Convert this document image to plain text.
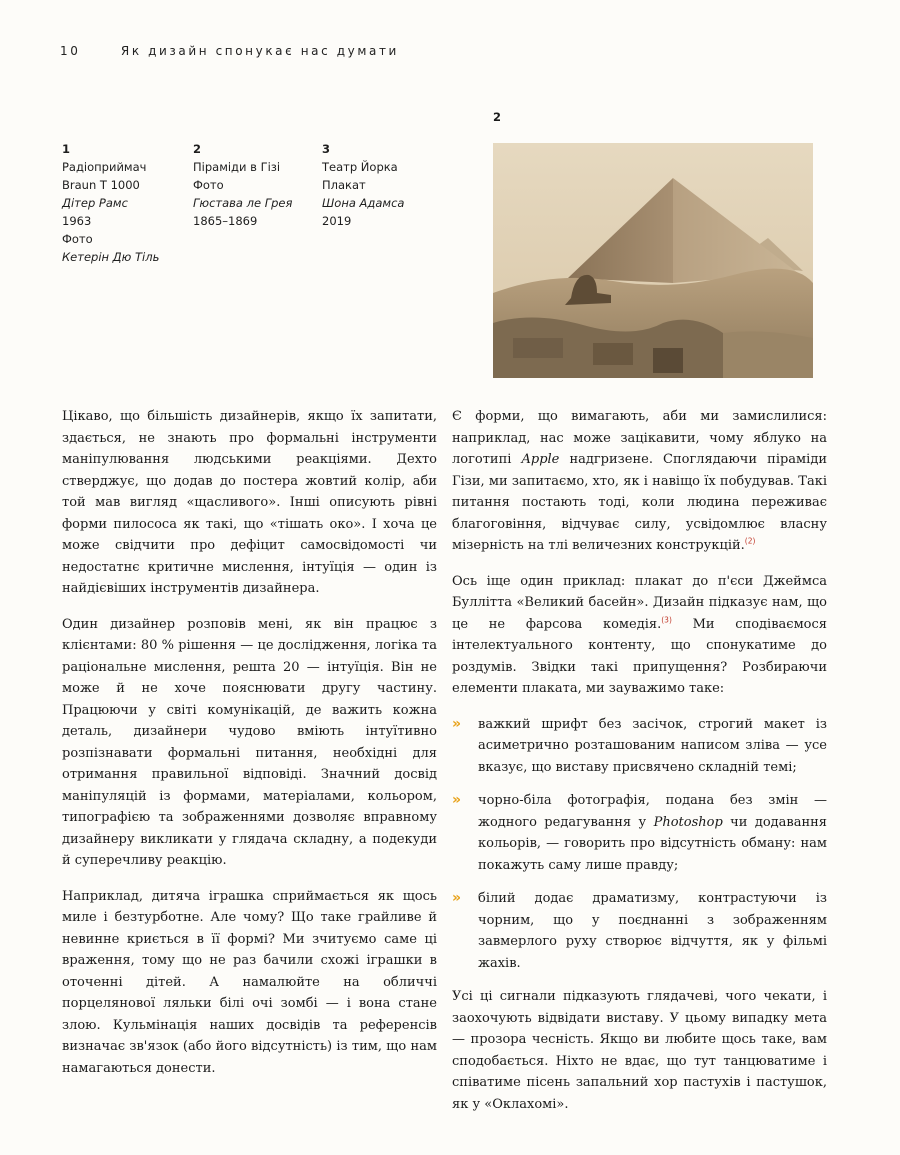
10	Як дизайн спонукає нас думати
1
Радіоприймач
Braun T 1000
Дітер Рамс
1963
Фото
Кетерін Дю Тіль
2
Піраміди в Гізі
Фото
Гюстава ле Грея
1865–1869
3
Театр Йорка
Плакат
Шона Адамса
2019
2

Цікаво, що більшість дизайнерів, якщо їх запитати, здається, не знають про формальні інструменти маніпулювання людськими реакціями. Дехто стверджує, що додав до постера жовтий колір, аби той мав вигляд «щасливого». Інші описують рівні форми пилососа як такі, що «тішать око». І хоча це може свідчити про дефіцит самосвідомості чи недостатнє критичне мислення, інтуїція — один із найдієвіших інструментів дизайнера.

Один дизайнер розповів мені, як він працює з клієнтами: 80 % рішення — це дослідження, логіка та раціональне мислення, решта 20 — інтуїція. Він не може й не хоче пояснювати другу частину. Працюючи у світі комунікацій, де важить кожна деталь, дизайнери чудово вміють інтуїтивно розпізнавати формальні питання, необхідні для отримання правильної відповіді. Значний досвід маніпуляцій із формами, матеріалами, кольором, типографією та зображеннями дозволяє вправному дизайнеру викликати у глядача складну, а подекуди й суперечливу реакцію.

Наприклад, дитяча іграшка сприймається як щось миле і безтурботне. Але чому? Що таке грайливе й невинне криється в її формі? Ми зчитуємо саме ці враження, тому що не раз бачили схожі іграшки в оточенні дітей. А намалюйте на обличчі порцелянової ляльки білі очі зомбі — і вона стане злою. Кульмінація наших досвідів та референсів визначає зв'язок (або його відсутність) із тим, що нам намагаються донести.

Є форми, що вимагають, аби ми замислилися: наприклад, нас може зацікавити, чому яблуко на логотипі Apple надгризене. Споглядаючи піраміди Гізи, ми запитаємо, хто, як і навіщо їх побудував. Такі питання постають тоді, коли людина переживає благоговіння, відчуває силу, усвідомлює власну мізерність на тлі величезних конструкцій.$^{(2)}$

Ось іще один приклад: плакат до п'єси Джеймса Буллітта «Великий басейн». Дизайн підказує нам, що це не фарсова комедія.$^{(3)}$ Ми сподіваємося інтелектуального контенту, що спонукатиме до роздумів. Звідки такі припущення? Розбираючи елементи плаката, ми зауважимо таке:

» важкий шрифт без засічок, строгий макет із асиметрично розташованим написом зліва — усе вказує, що виставу присвячено складній темі;
» чорно-біла фотографія, подана без змін — жодного редагування у Photoshop чи додавання кольорів, — говорить про відсутність обману: нам покажуть саму лише правду;
» білий додає драматизму, контрастуючи із чорним, що у поєднанні з зображенням завмерлого руху створює відчуття, як у фільмі жахів.

Усі ці сигнали підказують глядачеві, чого чекати, і заохочують відвідати виставу. У цьому випадку мета — прозора чесність. Якщо ви любите щось таке, вам сподобається. Ніхто не вдає, що тут танцюватиме і співатиме пісень запальний хор пастухів і пастушок, як у «Оклахомі».
